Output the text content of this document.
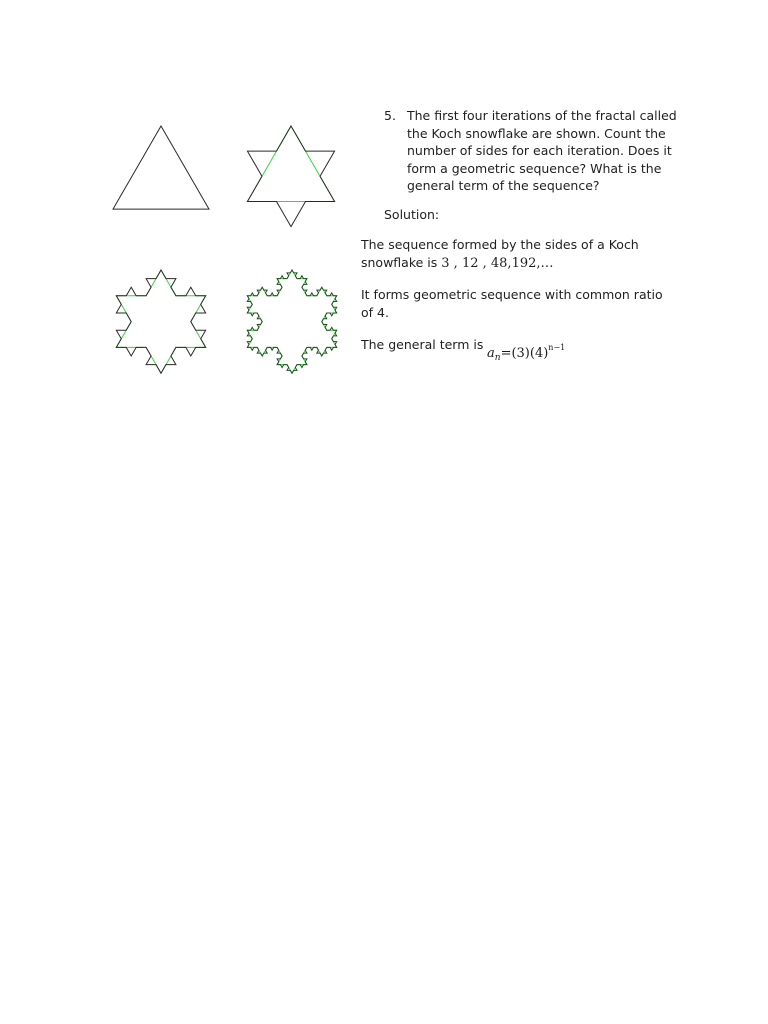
5. The first four iterations of the fractal called the Koch snowflake are shown. Count the number of sides for each iteration. Does it form a geometric sequence? What is the general term of the sequence?
Solution:
The sequence formed by the sides of a Koch snowflake is 3 , 12 , 48,192,…
It forms geometric sequence with common ratio of 4.
The general term is
$a_n=(3)(4)^{n-1}$
